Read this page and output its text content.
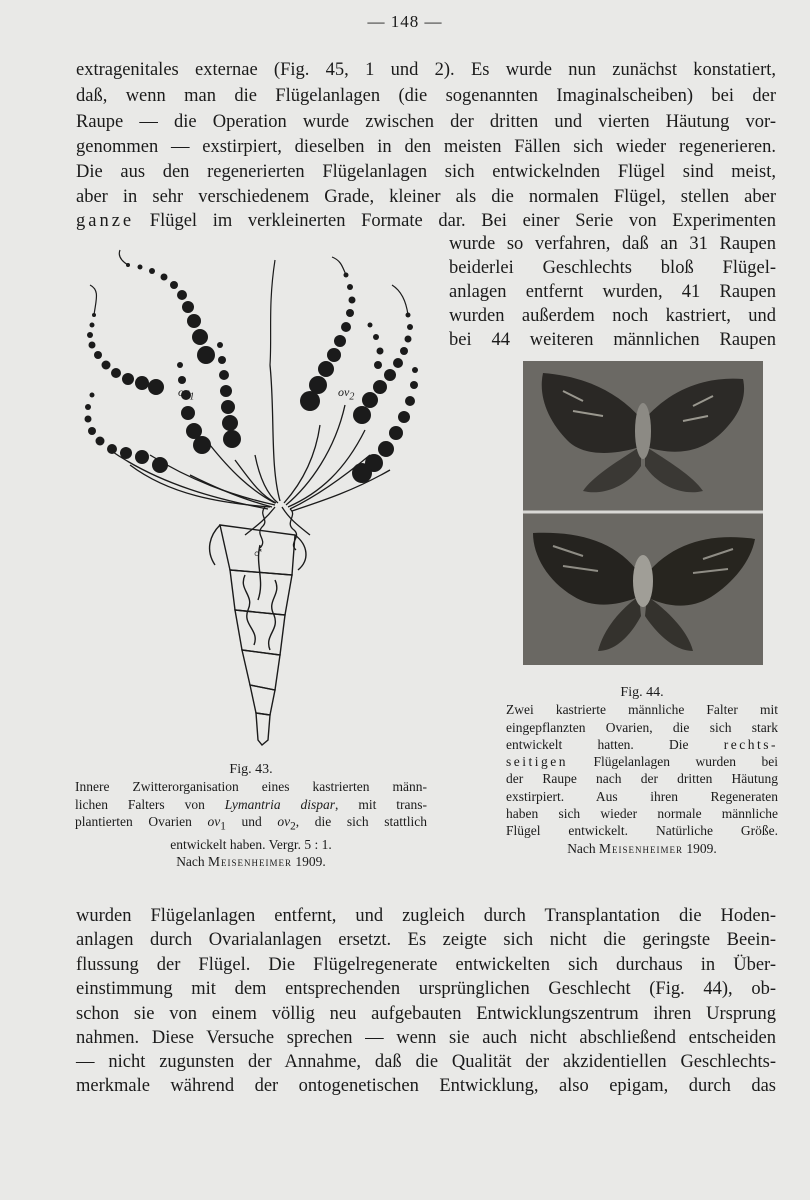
— 148 —
extragenitales externae (Fig. 45, 1 und 2). Es wurde nun zunächst konstatiert,
daß, wenn man die Flügelanlagen (die sogenannten Imaginalscheiben) bei der
Raupe — die Operation wurde zwischen der dritten und vierten Häutung vor-
genommen — exstirpiert, dieselben in den meisten Fällen sich wieder regenerieren.
Die aus den regenerierten Flügelanlagen sich entwickelnden Flügel sind meist,
aber in sehr verschiedenem Grade, kleiner als die normalen Flügel, stellen aber
ganze Flügel im verkleinerten Formate dar. Bei einer Serie von Experimenten
wurde so verfahren, daß an 31 Raupen
beiderlei Geschlechts bloß Flügel-
anlagen entfernt wurden, 41 Raupen
wurden außerdem noch kastriert, und
bei 44 weiteren männlichen Raupen
$ov_1$	$ov_2$
♂
Fig. 43.
Innere Zwitterorganisation eines kastrierten männ-
lichen Falters von Lymantria dispar, mit trans-
plantierten Ovarien $ov_1$ und $ov_2$, die sich stattlich
entwickelt haben. Vergr. 5 : 1.
Nach Meisenheimer 1909.
Fig. 44.
Zwei kastrierte männliche Falter mit
eingepflanzten Ovarien, die sich stark
entwickelt hatten. Die rechts-
seitigen Flügelanlagen wurden bei
der Raupe nach der dritten Häutung
exstirpiert. Aus ihren Regeneraten
haben sich wieder normale männliche
Flügel entwickelt. Natürliche Größe.
Nach Meisenheimer 1909.
wurden Flügelanlagen entfernt, und zugleich durch Transplantation die Hoden-
anlagen durch Ovarialanlagen ersetzt. Es zeigte sich nicht die geringste Beein-
flussung der Flügel. Die Flügelregenerate entwickelten sich durchaus in Über-
einstimmung mit dem entsprechenden ursprünglichen Geschlecht (Fig. 44), ob-
schon sie von einem völlig neu aufgebauten Entwicklungszentrum ihren Ursprung
nahmen. Diese Versuche sprechen — wenn sie auch nicht abschließend entscheiden
— nicht zugunsten der Annahme, daß die Qualität der akzidentiellen Geschlechts-
merkmale während der ontogenetischen Entwicklung, also epigam, durch das
